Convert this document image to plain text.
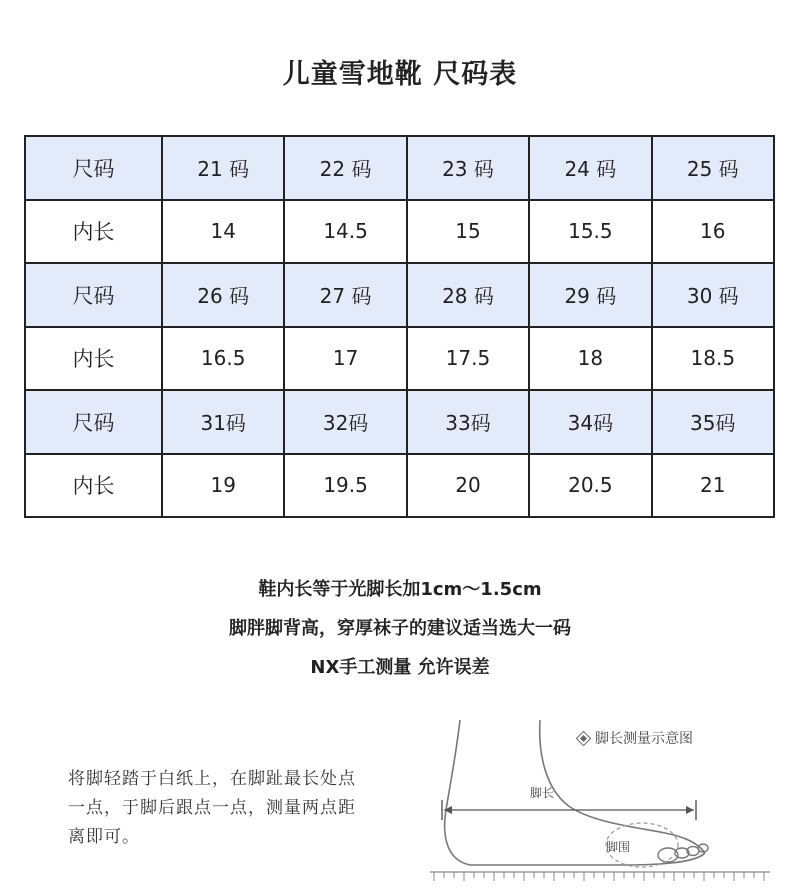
儿童雪地靴 尺码表
尺码	21 码	22 码	23 码	24 码	25 码
内长	14	14.5	15	15.5	16
尺码	26 码	27 码	28 码	29 码	30 码
内长	16.5	17	17.5	18	18.5
尺码	31码	32码	33码	34码	35码
内长	19	19.5	20	20.5	21
鞋内长等于光脚长加1cm～1.5cm
脚胖脚背高，穿厚袜子的建议适当选大一码
NX手工测量 允许误差
将脚轻踏于白纸上，在脚趾最长处点一点，于脚后跟点一点，测量两点距离即可。
脚长测量示意图
脚长
脚围
